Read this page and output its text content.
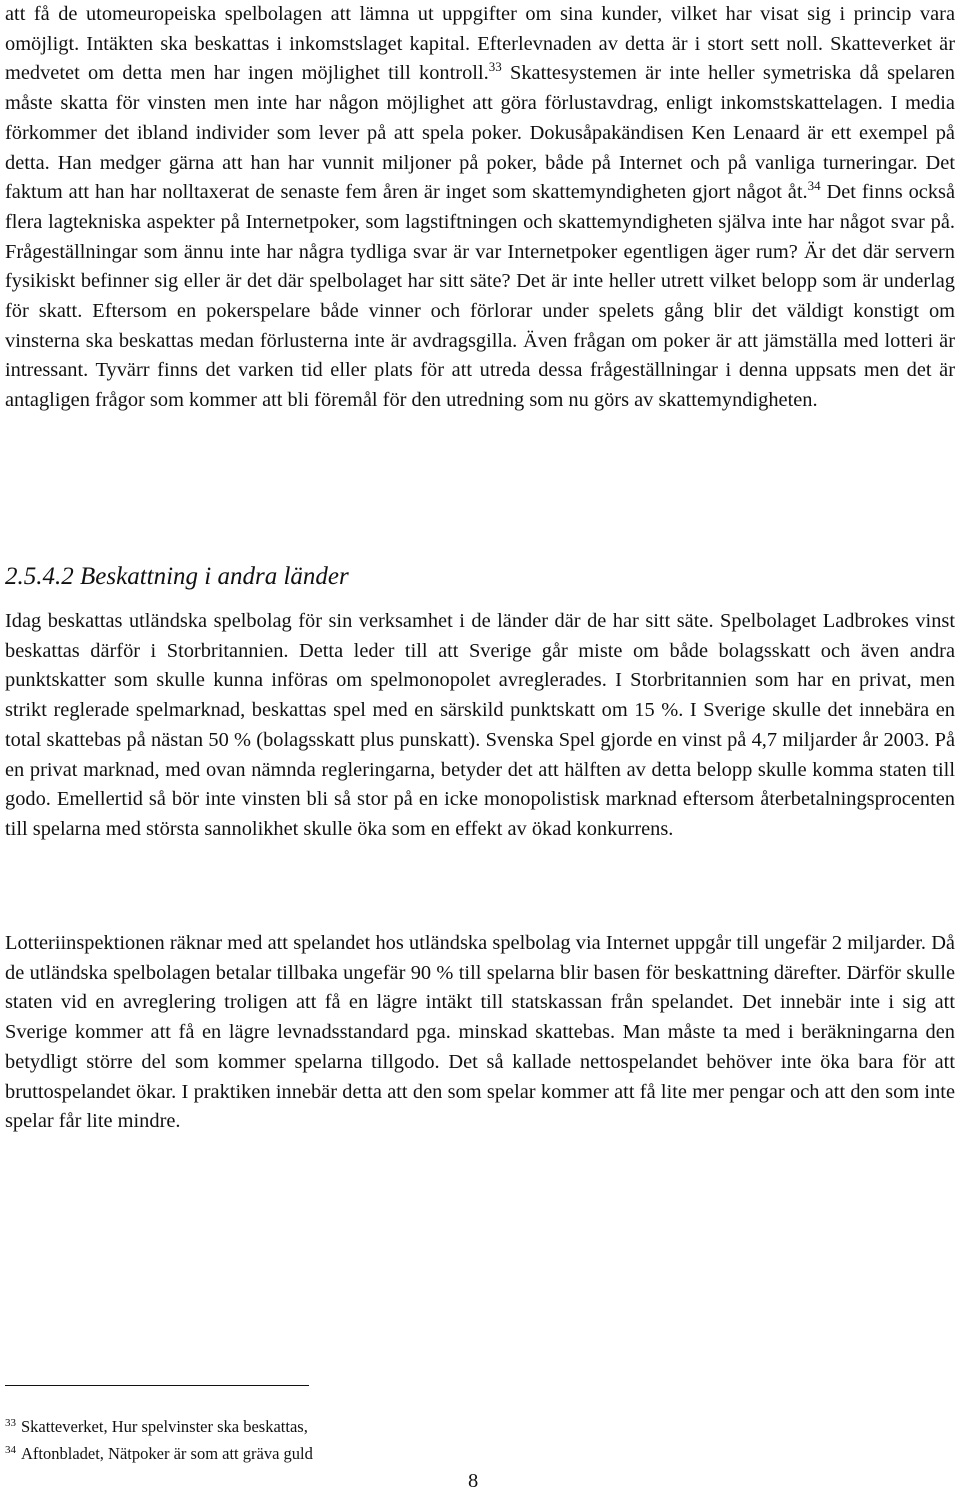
att få de utomeuropeiska spelbolagen att lämna ut uppgifter om sina kunder, vilket har visat sig i princip vara omöjligt. Intäkten ska beskattas i inkomstslaget kapital. Efterlevnaden av detta är i stort sett noll. Skatteverket är medvetet om detta men har ingen möjlighet till kontroll.$^{33}$ Skattesystemen är inte heller symetriska då spelaren måste skatta för vinsten men inte har någon möjlighet att göra förlustavdrag, enligt inkomstskattelagen. I media förkommer det ibland individer som lever på att spela poker. Dokusåpakändisen Ken Lenaard är ett exempel på detta. Han medger gärna att han har vunnit miljoner på poker, både på Internet och på vanliga turneringar. Det faktum att han har nolltaxerat de senaste fem åren är inget som skattemyndigheten gjort något åt.$^{34}$ Det finns också flera lagtekniska aspekter på Internetpoker, som lagstiftningen och skattemyndigheten själva inte har något svar på. Frågeställningar som ännu inte har några tydliga svar är var Internetpoker egentligen äger rum? Är det där servern fysikiskt befinner sig eller är det där spelbolaget har sitt säte? Det är inte heller utrett vilket belopp som är underlag för skatt. Eftersom en pokerspelare både vinner och förlorar under spelets gång blir det väldigt konstigt om vinsterna ska beskattas medan förlusterna inte är avdragsgilla. Även frågan om poker är att jämställa med lotteri är intressant. Tyvärr finns det varken tid eller plats för att utreda dessa frågeställningar i denna uppsats men det är antagligen frågor som kommer att bli föremål för den utredning som nu görs av skattemyndigheten.

2.5.4.2 Beskattning i andra länder

Idag beskattas utländska spelbolag för sin verksamhet i de länder där de har sitt säte. Spelbolaget Ladbrokes vinst beskattas därför i Storbritannien. Detta leder till att Sverige går miste om både bolagsskatt och även andra punktskatter som skulle kunna införas om spelmonopolet avreglerades. I Storbritannien som har en privat, men strikt reglerade spelmarknad, beskattas spel med en särskild punktskatt om 15 %. I Sverige skulle det innebära en total skattebas på nästan 50 % (bolagsskatt plus punskatt). Svenska Spel gjorde en vinst på 4,7 miljarder år 2003. På en privat marknad, med ovan nämnda regleringarna, betyder det att hälften av detta belopp skulle komma staten till godo. Emellertid så bör inte vinsten bli så stor på en icke monopolistisk marknad eftersom återbetalningsprocenten till spelarna med största sannolikhet skulle öka som en effekt av ökad konkurrens.

Lotteriinspektionen räknar med att spelandet hos utländska spelbolag via Internet uppgår till ungefär 2 miljarder. Då de utländska spelbolagen betalar tillbaka ungefär 90 % till spelarna blir basen för beskattning därefter. Därför skulle staten vid en avreglering troligen att få en lägre intäkt till statskassan från spelandet. Det innebär inte i sig att Sverige kommer att få en lägre levnadsstandard pga. minskad skattebas. Man måste ta med i beräkningarna den betydligt större del som kommer spelarna tillgodo. Det så kallade nettospelandet behöver inte öka bara för att bruttospelandet ökar. I praktiken innebär detta att den som spelar kommer att få lite mer pengar och att den som inte spelar får lite mindre.

$^{33}$ Skatteverket, Hur spelvinster ska beskattas,

$^{34}$ Aftonbladet, Nätpoker är som att gräva guld

8
